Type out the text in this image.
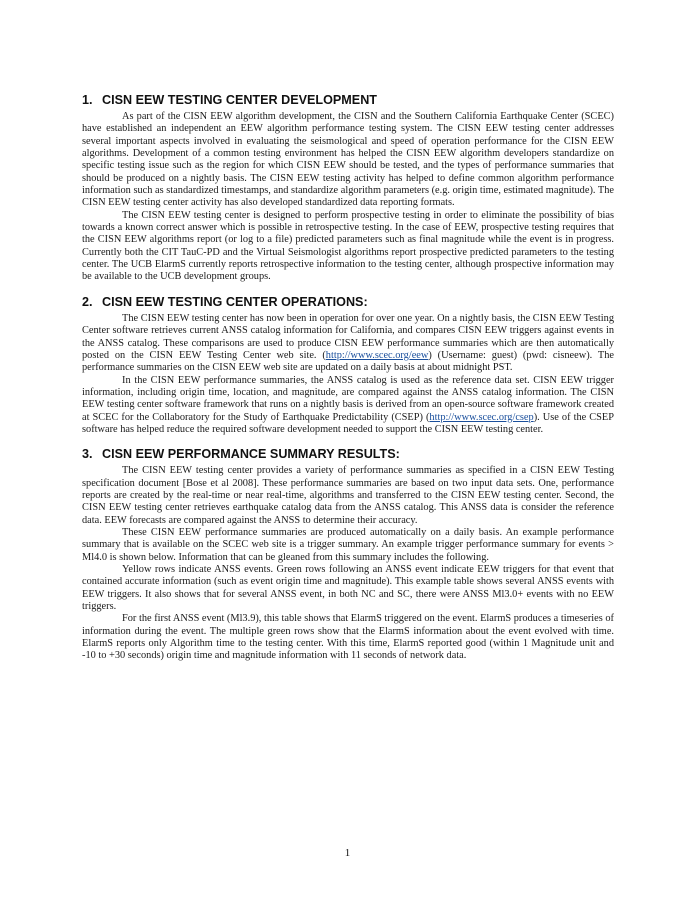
1. CISN EEW TESTING CENTER DEVELOPMENT

As part of the CISN EEW algorithm development, the CISN and the Southern California Earthquake Center (SCEC) have established an independent an EEW algorithm performance testing system. The CISN EEW testing center addresses several important aspects involved in evaluating the seismological and speed of operation performance for the CISN EEW algorithms. Development of a common testing environment has helped the CISN EEW algorithm developers standardize on specific testing issue such as the region for which CISN EEW should be tested, and the types of performance summaries that should be produced on a nightly basis. The CISN EEW testing activity has helped to define common algorithm performance information such as standardized timestamps, and standardize algorithm parameters (e.g. origin time, estimated magnitude). The CISN EEW testing center activity has also developed standardized data reporting formats.

The CISN EEW testing center is designed to perform prospective testing in order to eliminate the possibility of bias towards a known correct answer which is possible in retrospective testing. In the case of EEW, prospective testing requires that the CISN EEW algorithms report (or log to a file) predicted parameters such as final magnitude while the event is in progress. Currently both the CIT TauC-PD and the Virtual Seismologist algorithms report prospective predicted parameters to the testing center. The UCB ElarmS currently reports retrospective information to the testing center, although prospective information may be available to the UCB development groups.

2. CISN EEW TESTING CENTER OPERATIONS:

The CISN EEW testing center has now been in operation for over one year. On a nightly basis, the CISN EEW Testing Center software retrieves current ANSS catalog information for California, and compares CISN EEW triggers against events in the ANSS catalog. These comparisons are used to produce CISN EEW performance summaries which are then automatically posted on the CISN EEW Testing Center web site. (http://www.scec.org/eew) (Username: guest) (pwd: cisneew). The performance summaries on the CISN EEW web site are updated on a daily basis at about midnight PST.

In the CISN EEW performance summaries, the ANSS catalog is used as the reference data set. CISN EEW trigger information, including origin time, location, and magnitude, are compared against the ANSS catalog information. The CISN EEW testing center software framework that runs on a nightly basis is derived from an open-source software framework created at SCEC for the Collaboratory for the Study of Earthquake Predictability (CSEP) (http://www.scec.org/csep). Use of the CSEP software has helped reduce the required software development needed to support the CISN EEW testing center.

3. CISN EEW PERFORMANCE SUMMARY RESULTS:

The CISN EEW testing center provides a variety of performance summaries as specified in a CISN EEW Testing specification document [Bose et al 2008]. These performance summaries are based on two input data sets. One, performance reports are created by the real-time or near real-time, algorithms and transferred to the CISN EEW testing center. Second, the CISN EEW testing center retrieves earthquake catalog data from the ANSS catalog. This ANSS data is consider the reference data. EEW forecasts are compared against the ANSS to determine their accuracy.

These CISN EEW performance summaries are produced automatically on a daily basis. An example performance summary that is available on the SCEC web site is a trigger summary. An example trigger performance summary for events > Ml4.0 is shown below. Information that can be gleaned from this summary includes the following.

Yellow rows indicate ANSS events. Green rows following an ANSS event indicate EEW triggers for that event that contained accurate information (such as event origin time and magnitude). This example table shows several ANSS events with EEW triggers. It also shows that for several ANSS event, in both NC and SC, there were ANSS Ml3.0+ events with no EEW triggers.

For the first ANSS event (Ml3.9), this table shows that ElarmS triggered on the event. ElarmS produces a timeseries of information during the event. The multiple green rows show that the ElarmS information about the event evolved with time. ElarmS reports only Algorithm time to the testing center. With this time, ElarmS reported good (within 1 Magnitude unit and -10 to +30 seconds) origin time and magnitude information with 11 seconds of network data.

1
